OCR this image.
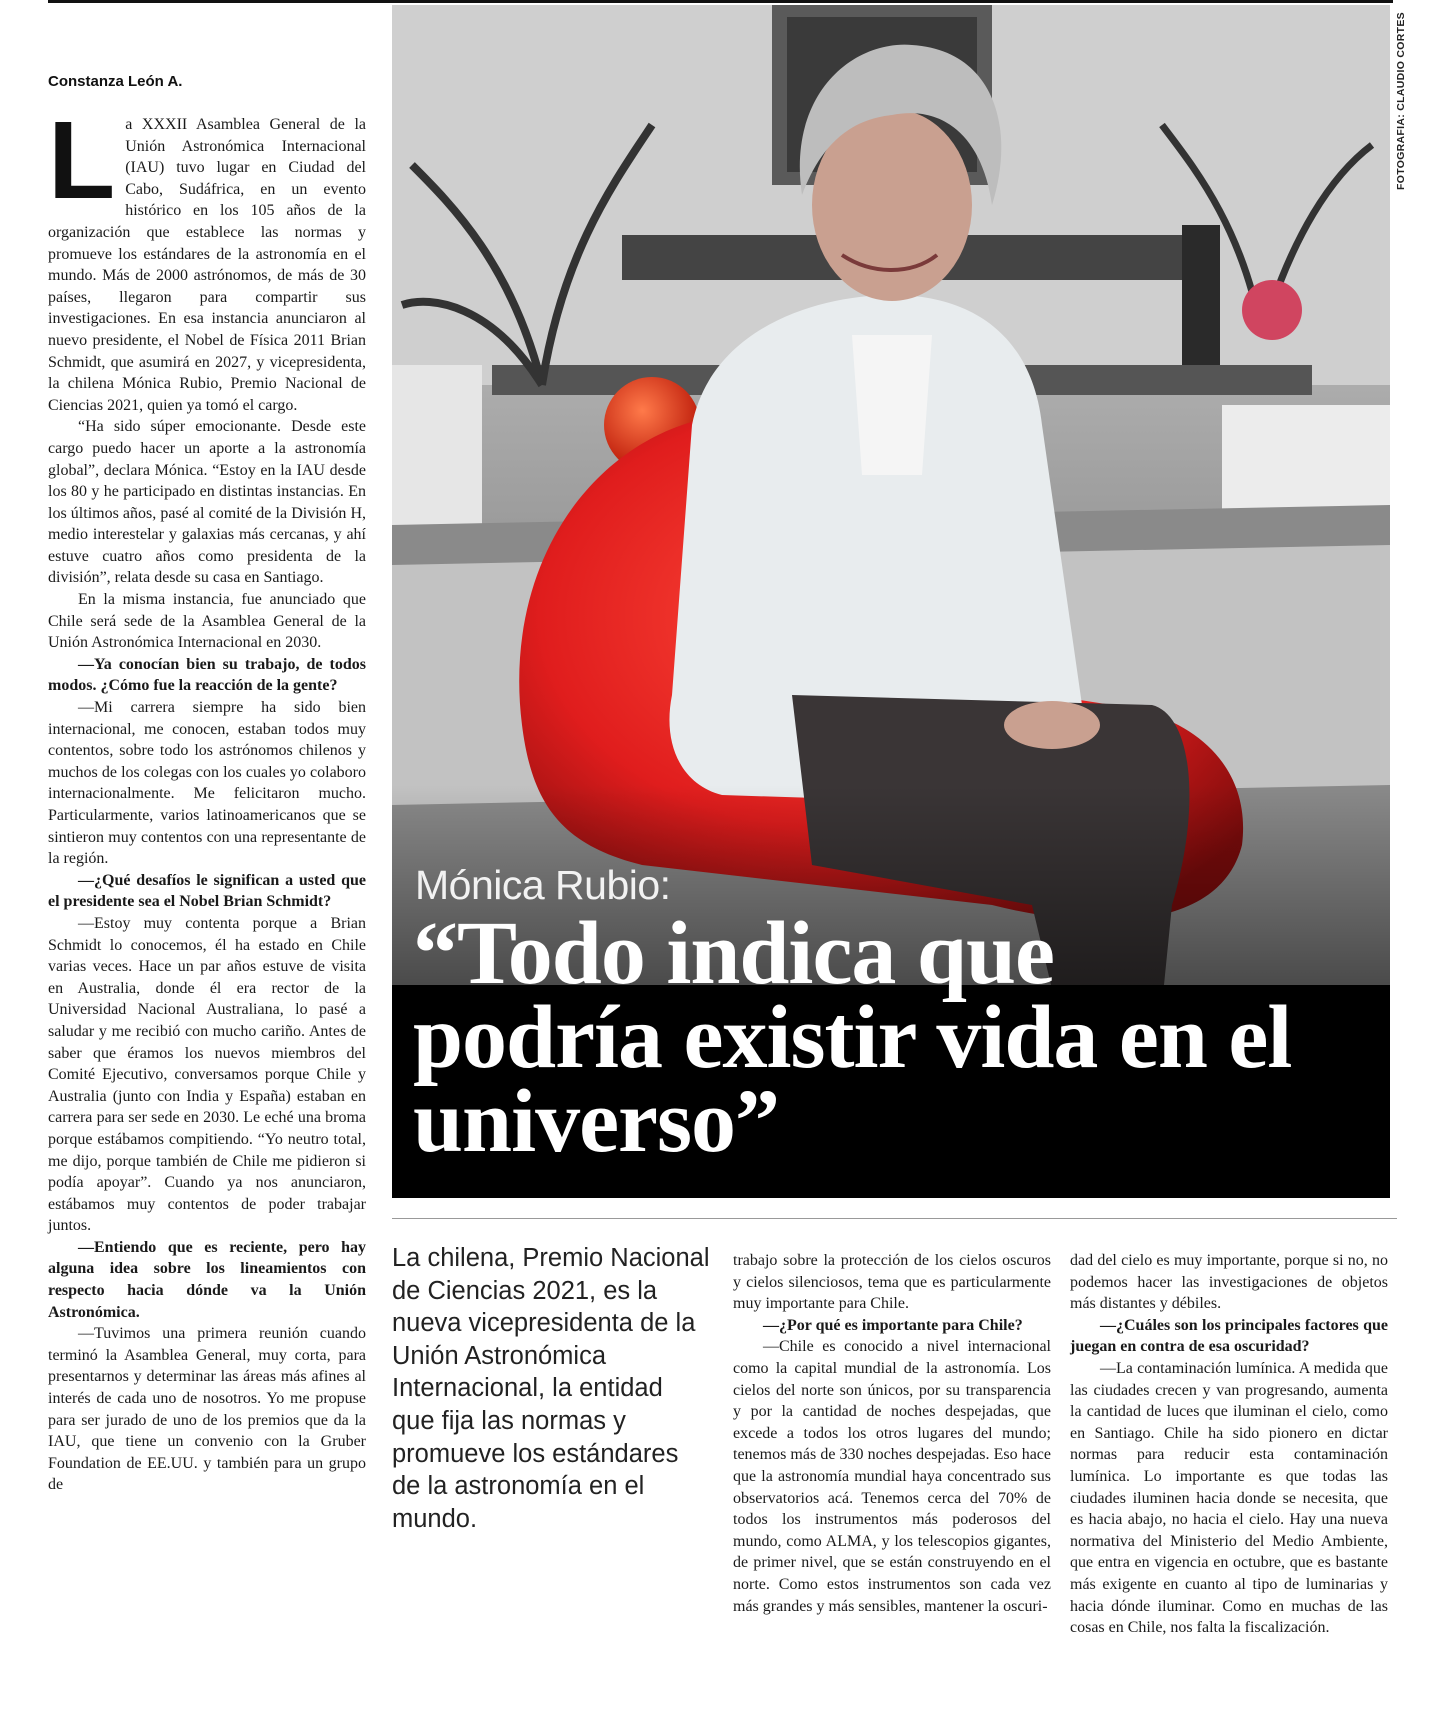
Constanza León A.
L a XXXII Asamblea General de la Unión Astronómica Internacional (IAU) tuvo lugar en Ciudad del Cabo, Sudáfrica, en un evento histórico en los 105 años de la organización que establece las normas y promueve los estándares de la astronomía en el mundo. Más de 2000 astrónomos, de más de 30 países, llegaron para compartir sus investigaciones. En esa instancia anunciaron al nuevo presidente, el Nobel de Física 2011 Brian Schmidt, que asumirá en 2027, y vicepresidenta, la chilena Mónica Rubio, Premio Nacional de Ciencias 2021, quien ya tomó el cargo.

“Ha sido súper emocionante. Desde este cargo puedo hacer un aporte a la astronomía global”, declara Mónica. “Estoy en la IAU desde los 80 y he participado en distintas instancias. En los últimos años, pasé al comité de la División H, medio interestelar y galaxias más cercanas, y ahí estuve cuatro años como presidenta de la división”, relata desde su casa en Santiago.

En la misma instancia, fue anunciado que Chile será sede de la Asamblea General de la Unión Astronómica Internacional en 2030.

—Ya conocían bien su trabajo, de todos modos. ¿Cómo fue la reacción de la gente?

—Mi carrera siempre ha sido bien internacional, me conocen, estaban todos muy contentos, sobre todo los astrónomos chilenos y muchos de los colegas con los cuales yo colaboro internacionalmente. Me felicitaron mucho. Particularmente, varios latinoamericanos que se sintieron muy contentos con una representante de la región.

—¿Qué desafíos le significan a usted que el presidente sea el Nobel Brian Schmidt?

—Estoy muy contenta porque a Brian Schmidt lo conocemos, él ha estado en Chile varias veces. Hace un par años estuve de visita en Australia, donde él era rector de la Universidad Nacional Australiana, lo pasé a saludar y me recibió con mucho cariño. Antes de saber que éramos los nuevos miembros del Comité Ejecutivo, conversamos porque Chile y Australia (junto con India y España) estaban en carrera para ser sede en 2030. Le eché una broma porque estábamos compitiendo. “Yo neutro total, me dijo, porque también de Chile me pidieron si podía apoyar”. Cuando ya nos anunciaron, estábamos muy contentos de poder trabajar juntos.

—Entiendo que es reciente, pero hay alguna idea sobre los lineamientos con respecto hacia dónde va la Unión Astronómica.

—Tuvimos una primera reunión cuando terminó la Asamblea General, muy corta, para presentarnos y determinar las áreas más afines al interés de cada uno de nosotros. Yo me propuse para ser jurado de uno de los premios que da la IAU, que tiene un convenio con la Gruber Foundation de EE.UU. y también para un grupo de

Mónica Rubio:
“Todo indica que podría existir vida en el universo”
FOTOGRAFIA: CLAUDIO CORTES
La chilena, Premio Nacional de Ciencias 2021, es la nueva vicepresidenta de la Unión Astronómica Internacional, la entidad que fija las normas y promueve los estándares de la astronomía en el mundo.

trabajo sobre la protección de los cielos oscuros y cielos silenciosos, tema que es particularmente muy importante para Chile.

—¿Por qué es importante para Chile?

—Chile es conocido a nivel internacional como la capital mundial de la astronomía. Los cielos del norte son únicos, por su transparencia y por la cantidad de noches despejadas, que excede a todos los otros lugares del mundo; tenemos más de 330 noches despejadas. Eso hace que la astronomía mundial haya concentrado sus observatorios acá. Tenemos cerca del 70% de todos los instrumentos más poderosos del mundo, como ALMA, y los telescopios gigantes, de primer nivel, que se están construyendo en el norte. Como estos instrumentos son cada vez más grandes y más sensibles, mantener la oscuri-

dad del cielo es muy importante, porque si no, no podemos hacer las investigaciones de objetos más distantes y débiles.

—¿Cuáles son los principales factores que juegan en contra de esa oscuridad?

—La contaminación lumínica. A medida que las ciudades crecen y van progresando, aumenta la cantidad de luces que iluminan el cielo, como en Santiago. Chile ha sido pionero en dictar normas para reducir esta contaminación lumínica. Lo importante es que todas las ciudades iluminen hacia donde se necesita, que es hacia abajo, no hacia el cielo. Hay una nueva normativa del Ministerio del Medio Ambiente, que entra en vigencia en octubre, que es bastante más exigente en cuanto al tipo de luminarias y hacia dónde iluminar. Como en muchas de las cosas en Chile, nos falta la fiscalización.
